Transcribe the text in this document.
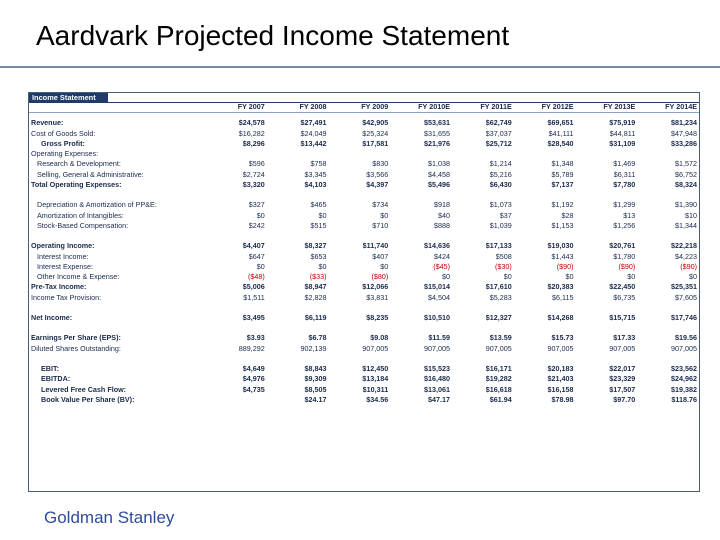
Aardvark Projected Income Statement
Income Statement
	FY 2007	FY 2008	FY 2009	FY 2010E	FY 2011E	FY 2012E	FY 2013E	FY 2014E

Revenue:	$24,578	$27,491	$42,905	$53,631	$62,749	$69,651	$75,919	$81,234
Cost of Goods Sold:	$16,282	$24,049	$25,324	$31,655	$37,037	$41,111	$44,811	$47,948
Gross Profit:	$8,296	$13,442	$17,581	$21,976	$25,712	$28,540	$31,109	$33,286
Operating Expenses:								
Research & Development:	$596	$758	$830	$1,038	$1,214	$1,348	$1,469	$1,572
Selling, General & Administrative:	$2,724	$3,345	$3,566	$4,458	$5,216	$5,789	$6,311	$6,752
Total Operating Expenses:	$3,320	$4,103	$4,397	$5,496	$6,430	$7,137	$7,780	$8,324

Depreciation & Amortization of PP&E:	$327	$465	$734	$918	$1,073	$1,192	$1,299	$1,390
Amortization of Intangibles:	$0	$0	$0	$40	$37	$28	$13	$10
Stock-Based Compensation:	$242	$515	$710	$888	$1,039	$1,153	$1,256	$1,344

Operating Income:	$4,407	$8,327	$11,740	$14,636	$17,133	$19,030	$20,761	$22,218
Interest Income:	$647	$653	$407	$424	$508	$1,443	$1,780	$4,223
Interest Expense:	$0	$0	$0	($45)	($30)	($90)	($90)	($90)
Other Income & Expense:	($48)	($33)	($80)	$0	$0	$0	$0	$0
Pre-Tax Income:	$5,006	$8,947	$12,066	$15,014	$17,610	$20,383	$22,450	$25,351
Income Tax Provision:	$1,511	$2,828	$3,831	$4,504	$5,283	$6,115	$6,735	$7,605

Net Income:	$3,495	$6,119	$8,235	$10,510	$12,327	$14,268	$15,715	$17,746

Earnings Per Share (EPS):	$3.93	$6.78	$9.08	$11.59	$13.59	$15.73	$17.33	$19.56
Diluted Shares Outstanding:	889,292	902,139	907,005	907,005	907,005	907,005	907,005	907,005

EBIT:	$4,649	$8,843	$12,450	$15,523	$16,171	$20,183	$22,017	$23,562
EBITDA:	$4,976	$9,309	$13,184	$16,480	$19,282	$21,403	$23,329	$24,962
Levered Free Cash Flow:	$4,735	$8,505	$10,311	$13,061	$16,618	$16,158	$17,507	$19,382
Book Value Per Share (BV):		$24.17	$34.56	$47.17	$61.94	$78.98	$97.70	$118.76
Goldman Stanley
